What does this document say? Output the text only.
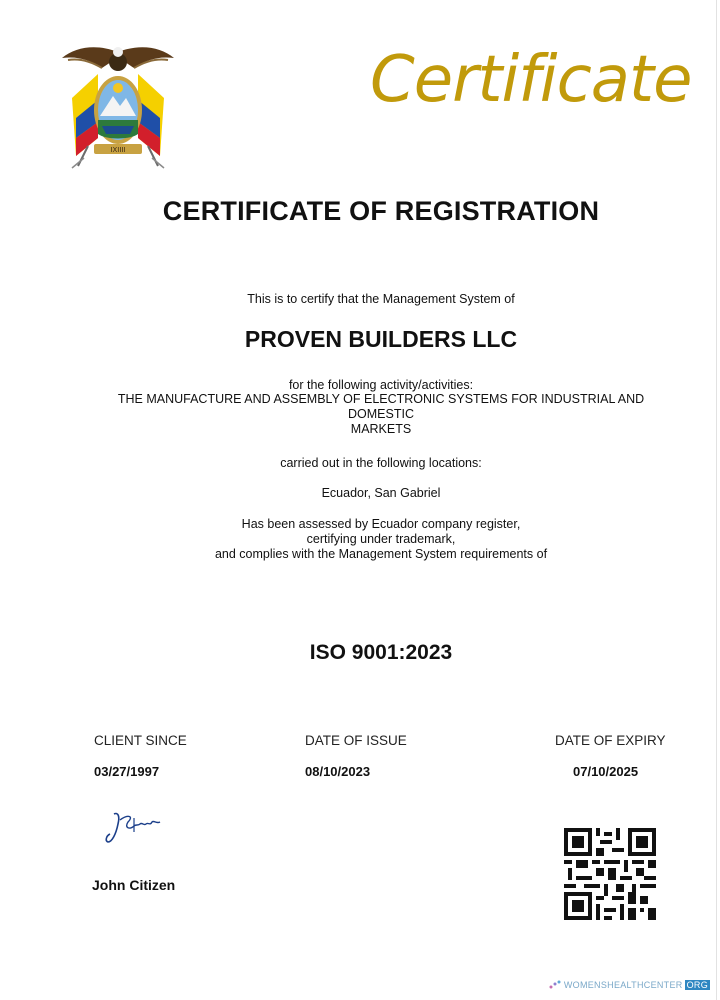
IXIIII
Certificate
CERTIFICATE OF REGISTRATION
This is to certify that the Management System of
PROVEN BUILDERS LLC
for the following activity/activities:
THE MANUFACTURE AND ASSEMBLY OF ELECTRONIC SYSTEMS FOR INDUSTRIAL AND
DOMESTIC
MARKETS
carried out in the following locations:
Ecuador, San Gabriel
Has been assessed by Ecuador company register,
certifying under trademark,
and complies with the Management System requirements of
ISO 9001:2023
CLIENT SINCE
03/27/1997
DATE OF ISSUE
08/10/2023
DATE OF EXPIRY
07/10/2025
John Citizen
WOMENSHEALTHCENTER ORG
